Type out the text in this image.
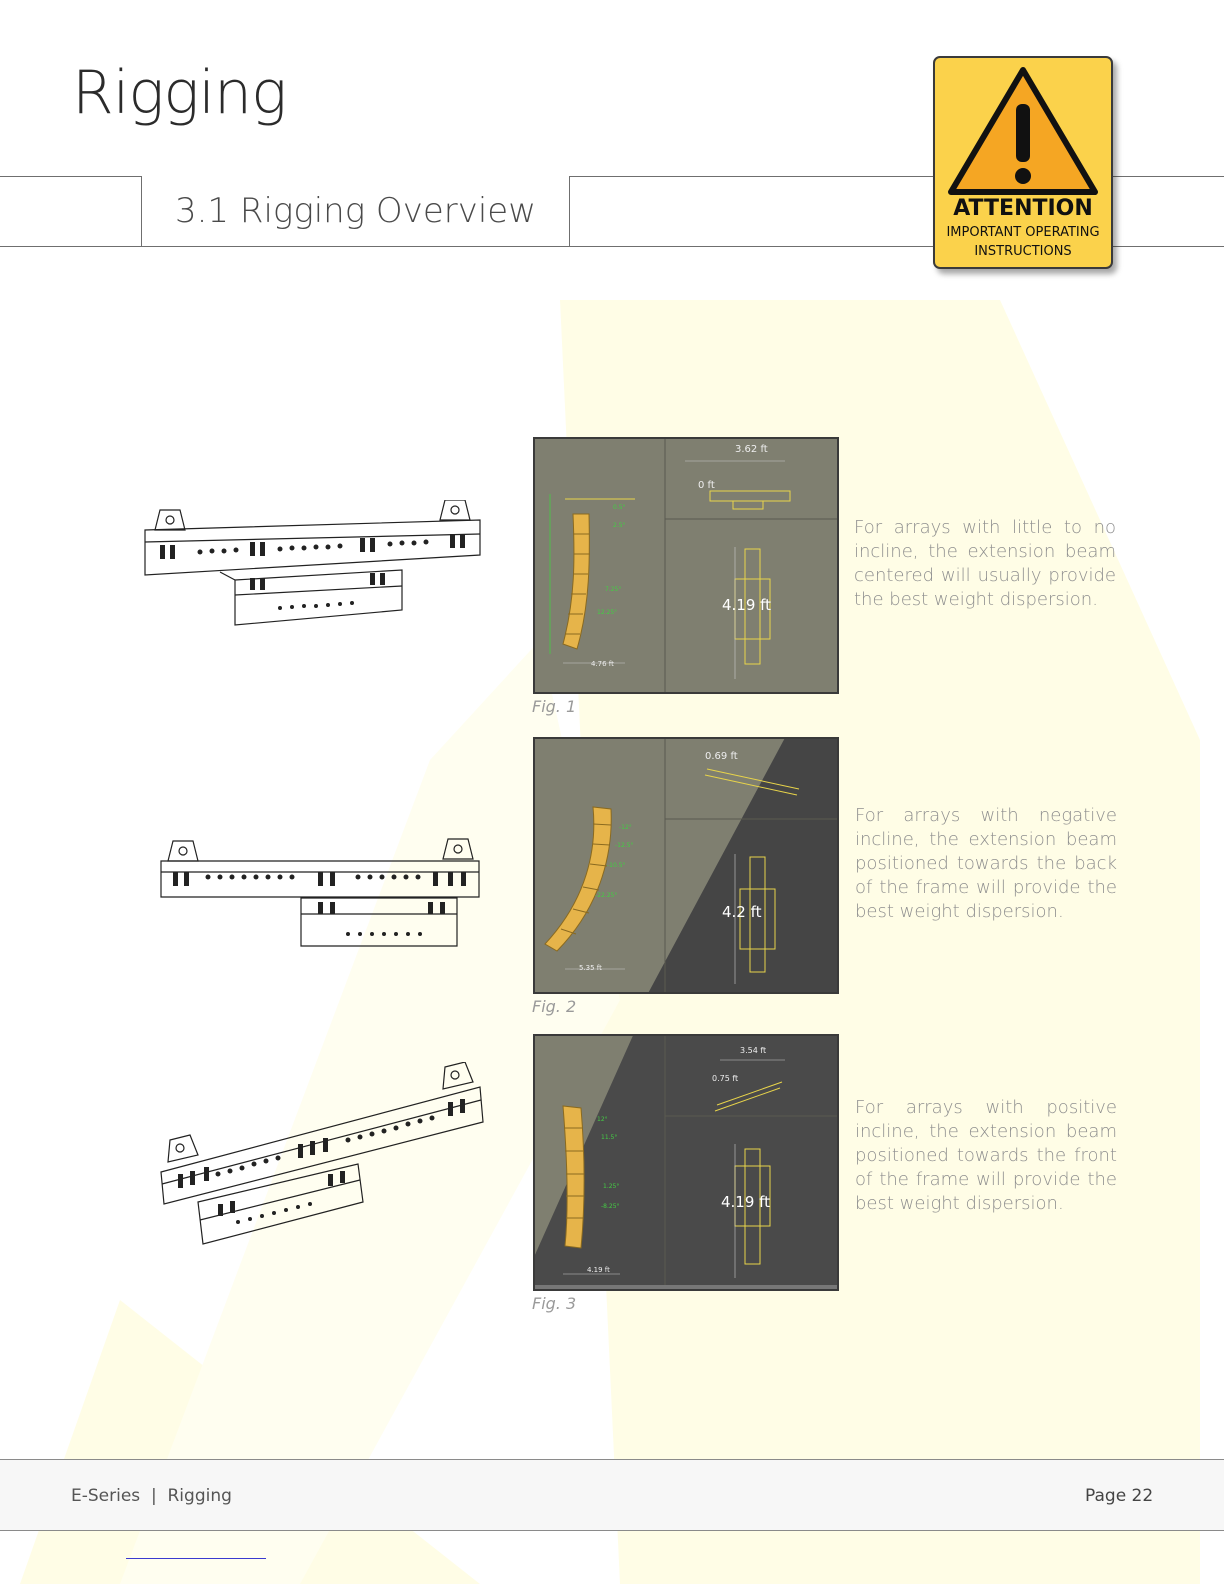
Rigging
3.1 Rigging Overview	ATTENTION
IMPORTANT OPERATING
INSTRUCTIONS
0.5°
2.5°
7.25°
12.25°
3.62 ft
0 ft
4.19 ft
4.76 ft
Fig. 1
For arrays with little to no incline, the extension beam centered will usually provide the best weight dispersion.
-12°
-12.5°
-10.5°
-22.25°
0.69 ft
4.2 ft
5.35 ft
Fig. 2
For arrays with negative incline, the extension beam positioned towards the back of the frame will provide the best weight dispersion.
12°
11.5°
1.25°
-8.25°
3.54 ft
0.75 ft
4.19 ft
4.19 ft
Fig. 3
For arrays with positive incline, the extension beam positioned towards the front of the frame will provide the best weight dispersion.
E-Series  |  Rigging	Page 22
